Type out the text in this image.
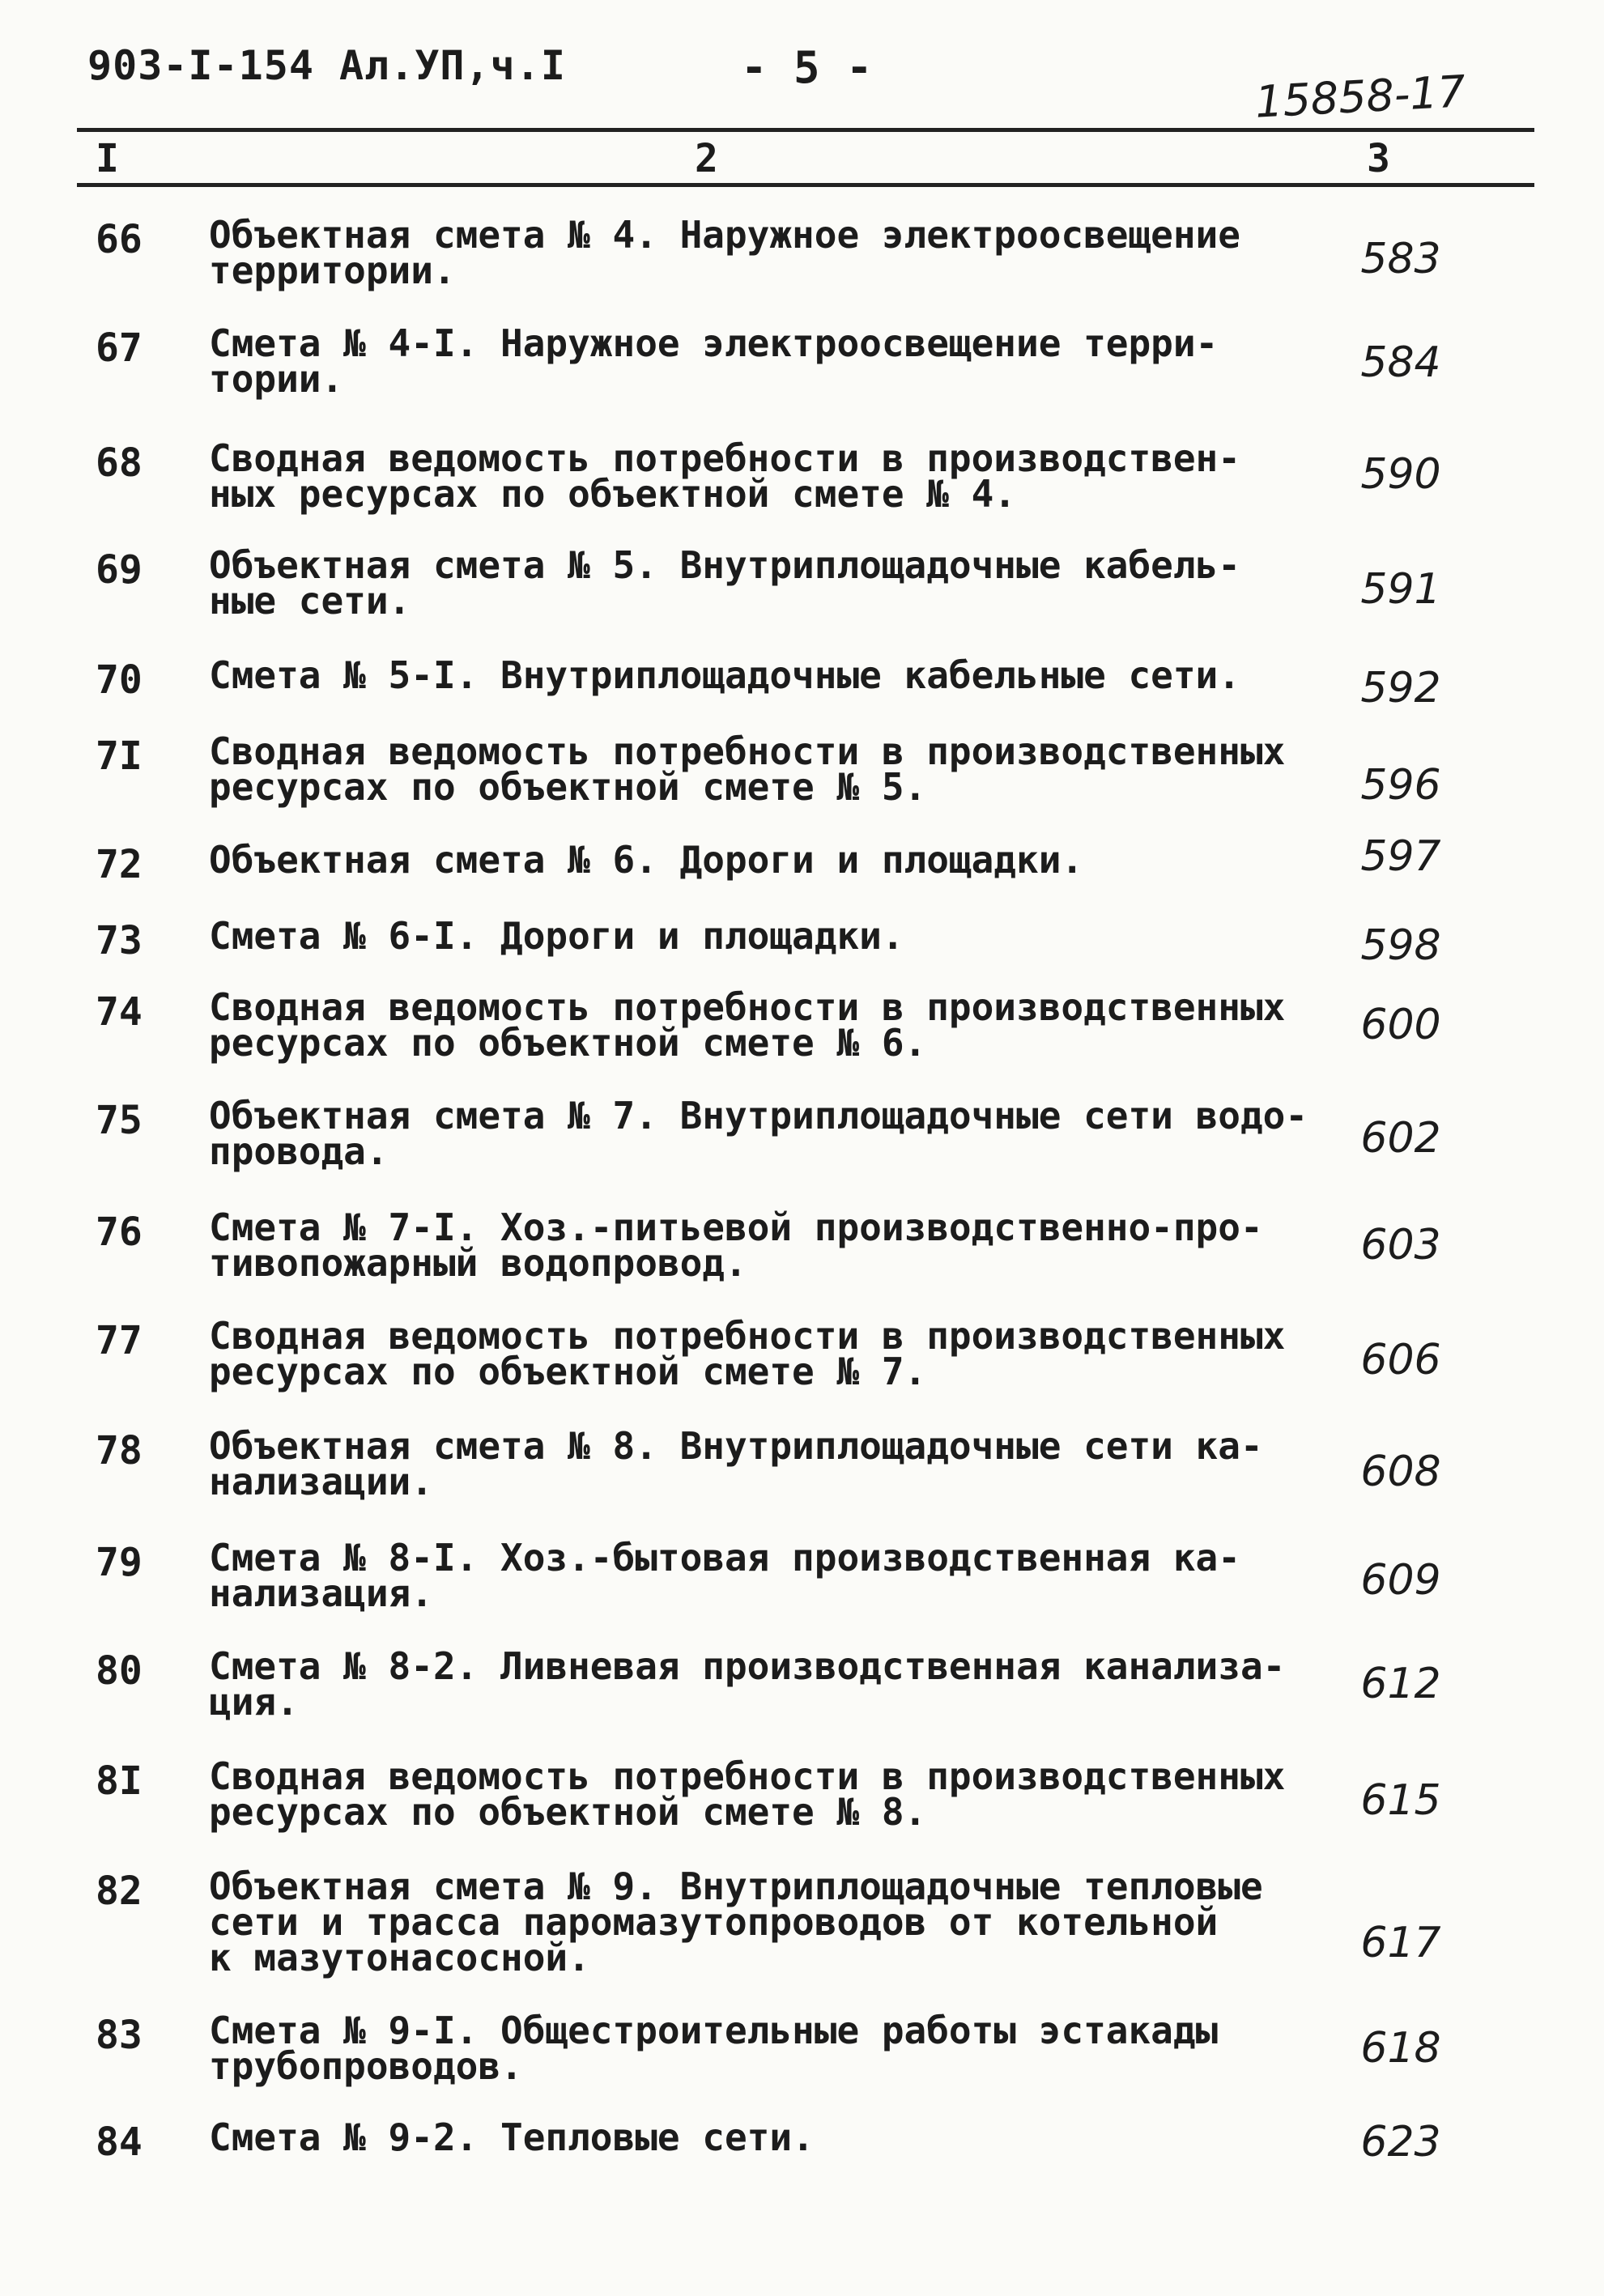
903-I-154 Ал.УП,ч.I	- 5 -	15858-17
I	2	3
66 Объектная смета № 4. Наружное электроосвещение
территории.	583
67 Смета № 4-I. Наружное электроосвещение терри-
тории.	584
68 Сводная ведомость потребности в производствен-
ных ресурсах по объектной смете № 4.	590
69 Объектная смета № 5. Внутриплощадочные кабель-
ные сети.	591
70 Смета № 5-I. Внутриплощадочные кабельные сети.	592
7I Сводная ведомость потребности в производственных
ресурсах по объектной смете № 5.	596
72 Объектная смета № 6. Дороги и площадки.	597
73 Смета № 6-I. Дороги и площадки.	598
74 Сводная ведомость потребности в производственных
ресурсах по объектной смете № 6.	600
75 Объектная смета № 7. Внутриплощадочные сети водо-
провода.	602
76 Смета № 7-I. Хоз.-питьевой производственно-про-
тивопожарный водопровод.	603
77 Сводная ведомость потребности в производственных
ресурсах по объектной смете № 7.	606
78 Объектная смета № 8. Внутриплощадочные сети ка-
нализации.	608
79 Смета № 8-I. Хоз.-бытовая производственная ка-
нализация.	609
80 Смета № 8-2. Ливневая производственная канализа-
ция.	612
8I Сводная ведомость потребности в производственных
ресурсах по объектной смете № 8.	615
82 Объектная смета № 9. Внутриплощадочные тепловые
сети и трасса паромазутопроводов от котельной
к мазутонасосной.	617
83 Смета № 9-I. Общестроительные работы эстакады
трубопроводов.	618
84 Смета № 9-2. Тепловые сети.	623
